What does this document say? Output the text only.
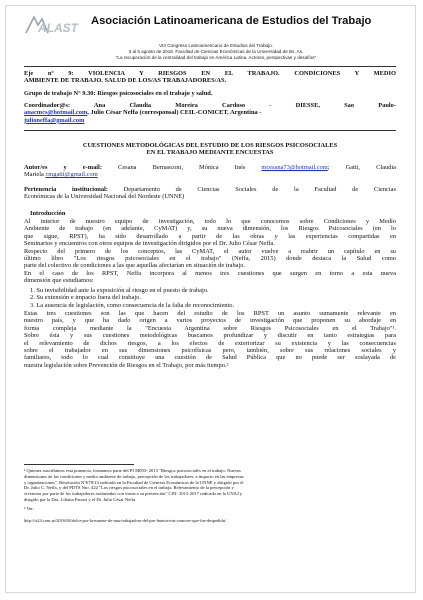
ALAST Asociación Latinoamericana de Estudios del Trabajo
VIII Congreso Latinoamericano de Estudios del Trabajo.
3 al 5 agosto de 2016. Facultad de Ciencias Económicas de la Universidad de Bs. As.
"La recuperación de la centralidad del trabajo en América Latina. Actores, perspectivas y desafíos"
Eje nº 9: VIOLENCIA Y RIESGOS EN EL TRABAJO. CONDICIONES Y MEDIO
AMBIENTE DE TRABAJO. SALUD DE LOS/AS TRABAJADORES/AS.
Grupo de trabajo N° 9.30: Riesgos psicosociales en el trabajo y salud.
Coordinador@s: Ana Claudia Moreira Cardoso - DIESSE, Sao Paulo-
anacmcs@hotmail.com, Julio César Neffa (corresponsal) CEIL-CONICET, Argentina -
julioneffa@gmail.com
CUESTIONES METODOLÓGICAS DEL ESTUDIO DE LOS RIESGOS PSICOSOCIALES
EN EL TRABAJO MEDIANTE ENCUESTAS
Autor/es y e-mail: Cesana Bernasconi, Mónica Inés mcesana73@hotmail.com; Gatti, Claudia
Mariela cmgatti@gmail.com
Pertenencia institucional: Departamento de Ciencias Sociales de la Facultad de Ciencias
Económicas de la Universidad Nacional del Nordeste (UNNE)
Introducción
Al interior de nuestro equipo de investigación, todo lo que conocemos sobre Condiciones y Medio
Ambiente de trabajo (en adelante, CyMAT) y, su nueva dimensión, los Riesgos Psicosociales (en lo
que sigue, RPST), ha sido desarrollado a partir de las obras y las experiencias compartidas en
Seminarios y encuentros con otros equipos de investigación dirigidos por el Dr. Julio César Neffa.
Respecto del primero de los conceptos, las CyMAT, el autor vuelve a reabrir un capítulo en su
último libro "Los riesgos psicosociales en el trabajo" (Neffa, 2015) donde destaca la Salud como
parte del colectivo de condiciones a las que aquellas afectarían en situación de trabajo.
En el caso de los RPST, Neffa incorpora al menos tres cuestiones que surgen en torno a esta nueva
dimensión que estudiamos:
1. Su invisibilidad ante la exposición al riesgo en el puesto de trabajo.
2. Su extensión e impacto fuera del trabajo.
3. La ausencia de legislación, como consecuencia de la falta de reconocimiento.
Estas tres cuestiones son las que hacen del estudio de los RPST un asunto sumamente relevante en
nuestro país, y que ha dado origen a varios proyectos de investigación que proponen su abordaje en
forma compleja mediante la "Encuesta Argentina sobre Riesgos Psicosociales en el Trabajo"¹.
Sobre ésta y sus cuestiones metodológicas buscamos profundizar y discutir en tanto estrategias para
el relevamiento de dichos riesgos, a los efectos de exteriorizar su existencia y las consecuencias
sobre el trabajador en sus dimensiones psicofísicas pero, también, sobre sus relaciones sociales y
familiares, todo lo cual constituye una cuestión de Salud Pública que no puede ser soslayada de
nuestra legislación sobre Prevención de Riesgos en el Trabajo, por más tiempo.²
¹ Quienes suscribimos esta ponencia, formamos parte del PI M003- 2013 "Riesgos psicosociales en el trabajo. Nuevas
dimensiones de las condiciones y medio ambiente de trabajo, percepción de los trabajadores, e impacto en las empresas
y organizaciones". Resolución N°678/13 radicado en la Facultad de Ciencias Económicas de la UNNE y dirigido por el
Dr. Julio C. Neffa, y del PDTS Nro. 422 "Los riesgos psicosociales en el trabajo. Relevamiento de la percepción y
vivencias por parte de los trabajadores asalariados con vistas a su prevención" CIN- 2015-2017 radicado en la UNAJ y
dirigido por la Dra. Liliana Ferrari y el Dr. Julio César Neffa.
² Ver:
http://ts24.com.ar/2016/04/dolor-por-la-muerte-de-una-trabajadora-del-pro-huerta-tras-conocer-que-fue-despedida/
